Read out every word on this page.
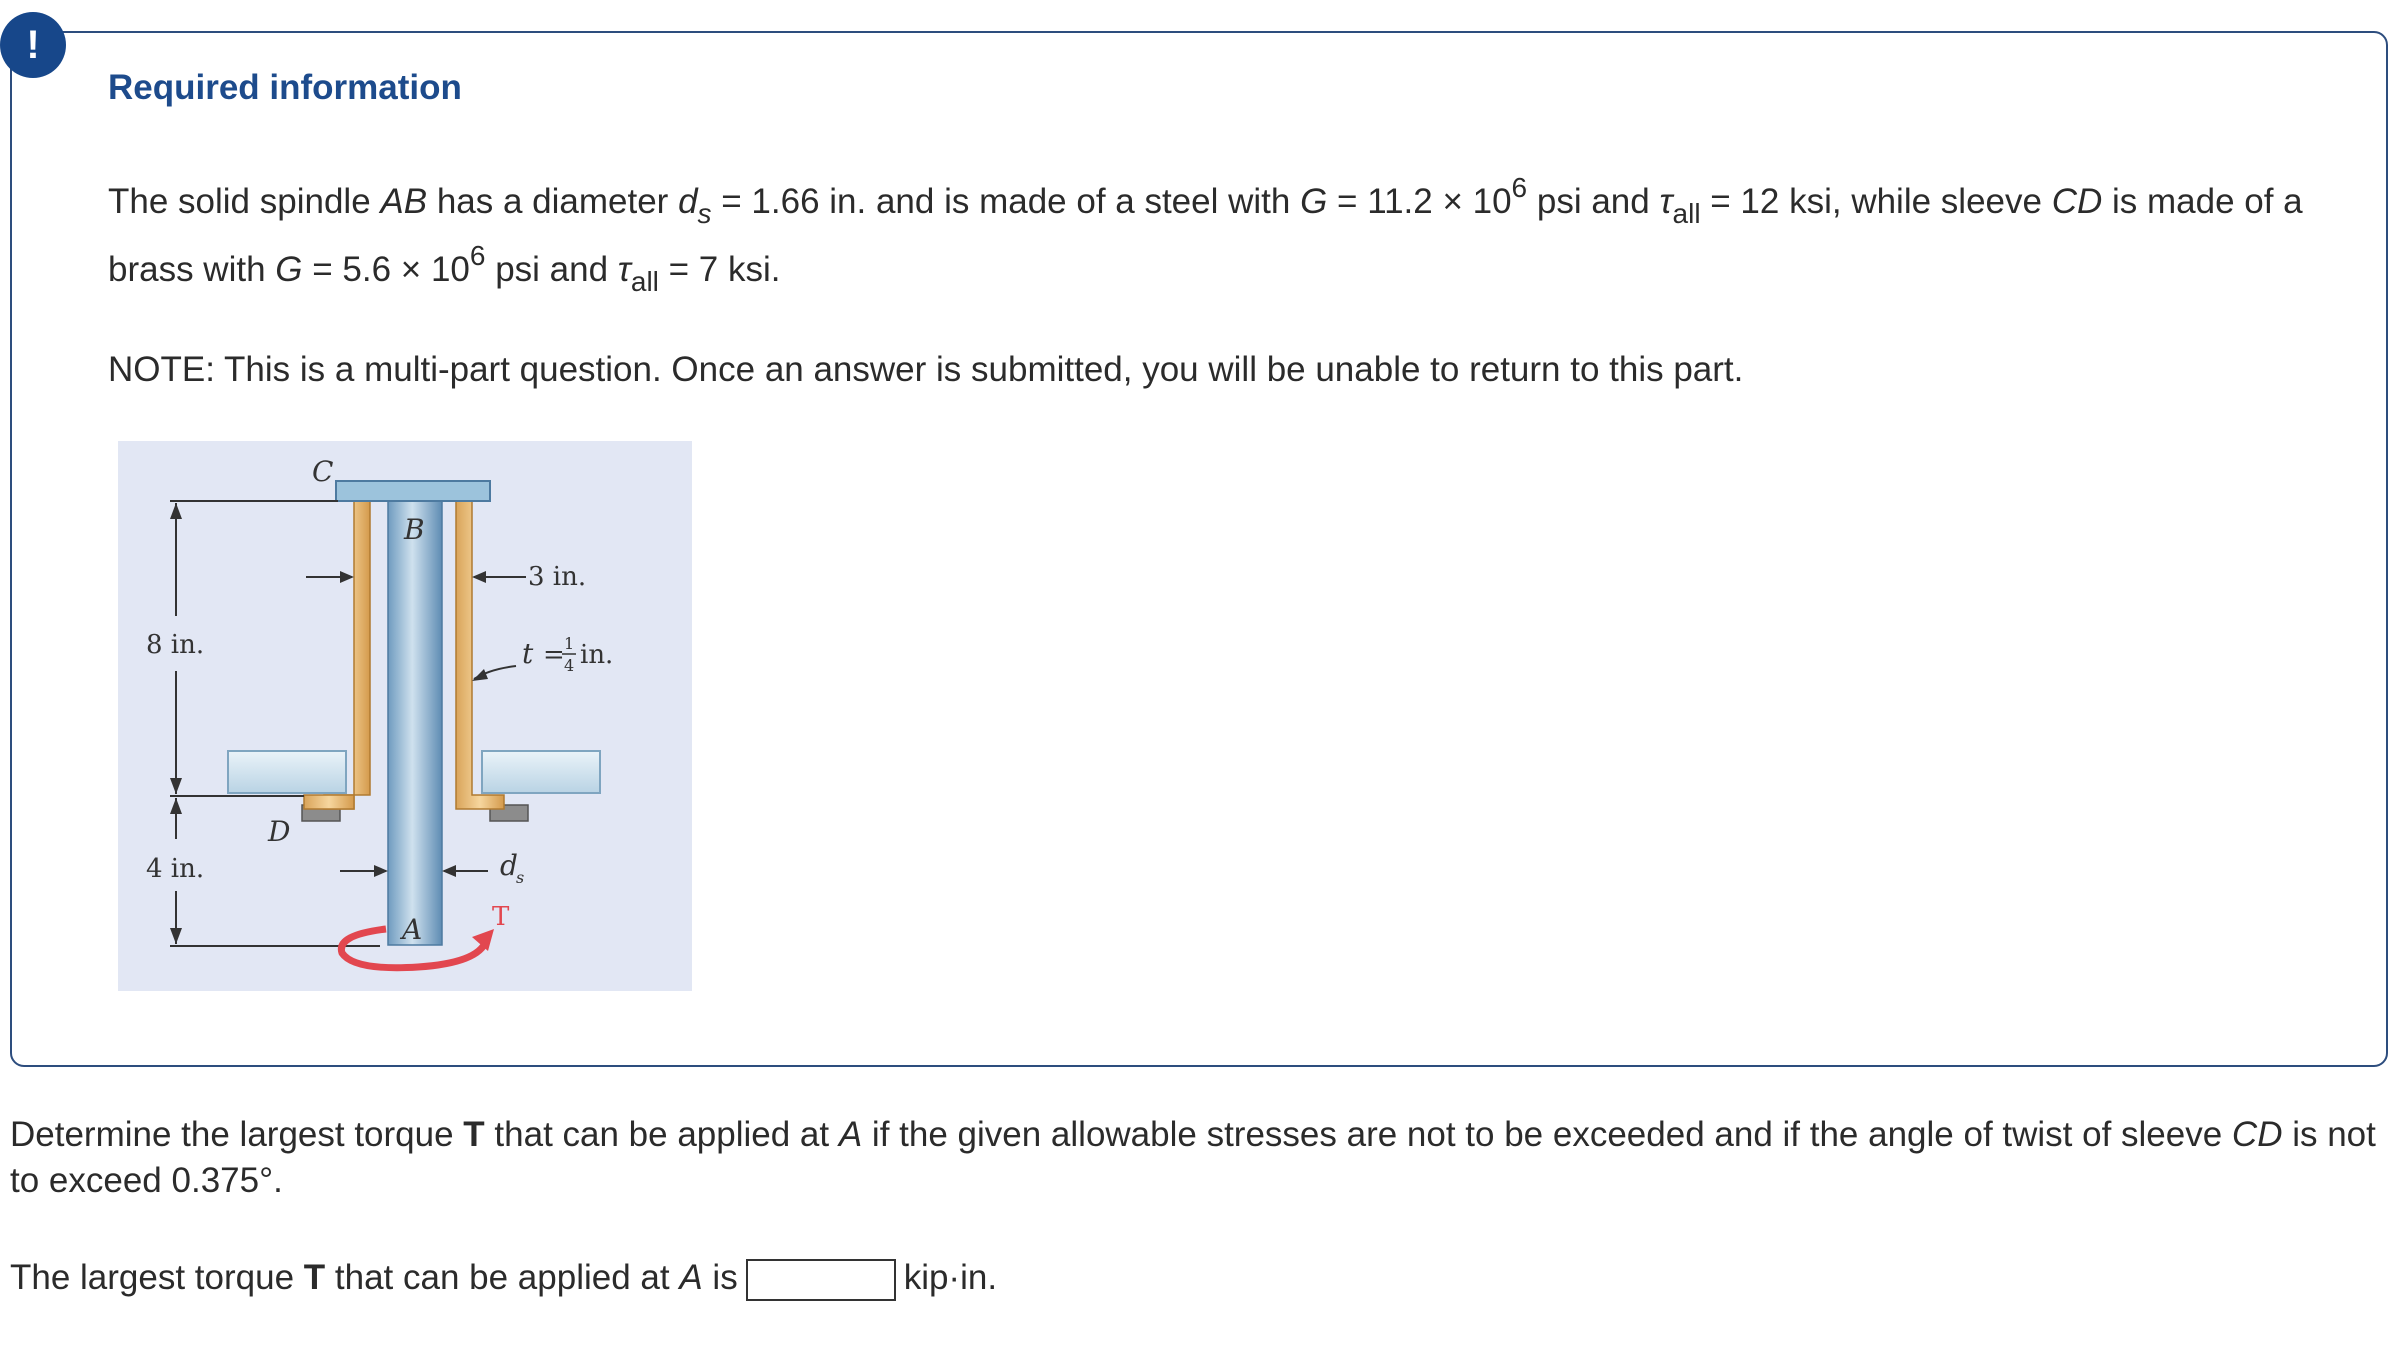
!
Required information

The solid spindle AB has a diameter $d_s = 1.66$ in. and is made of a steel with $G = 11.2 \times 10^6$ psi and $\tau_{all} = 12$ ksi, while sleeve CD is made of a brass with $G = 5.6 \times 10^6$ psi and $\tau_{all} = 7$ ksi.

NOTE: This is a multi-part question. Once an answer is submitted, you will be unable to return to this part.

C
B
3 in.
t = 1
4 in.
8 in.
4 in.
D
d
s
A	T

Determine the largest torque T that can be applied at A if the given allowable stresses are not to be exceeded and if the angle of twist of sleeve CD is not to exceed 0.375°.

The largest torque T that can be applied at A is	kip·in.
